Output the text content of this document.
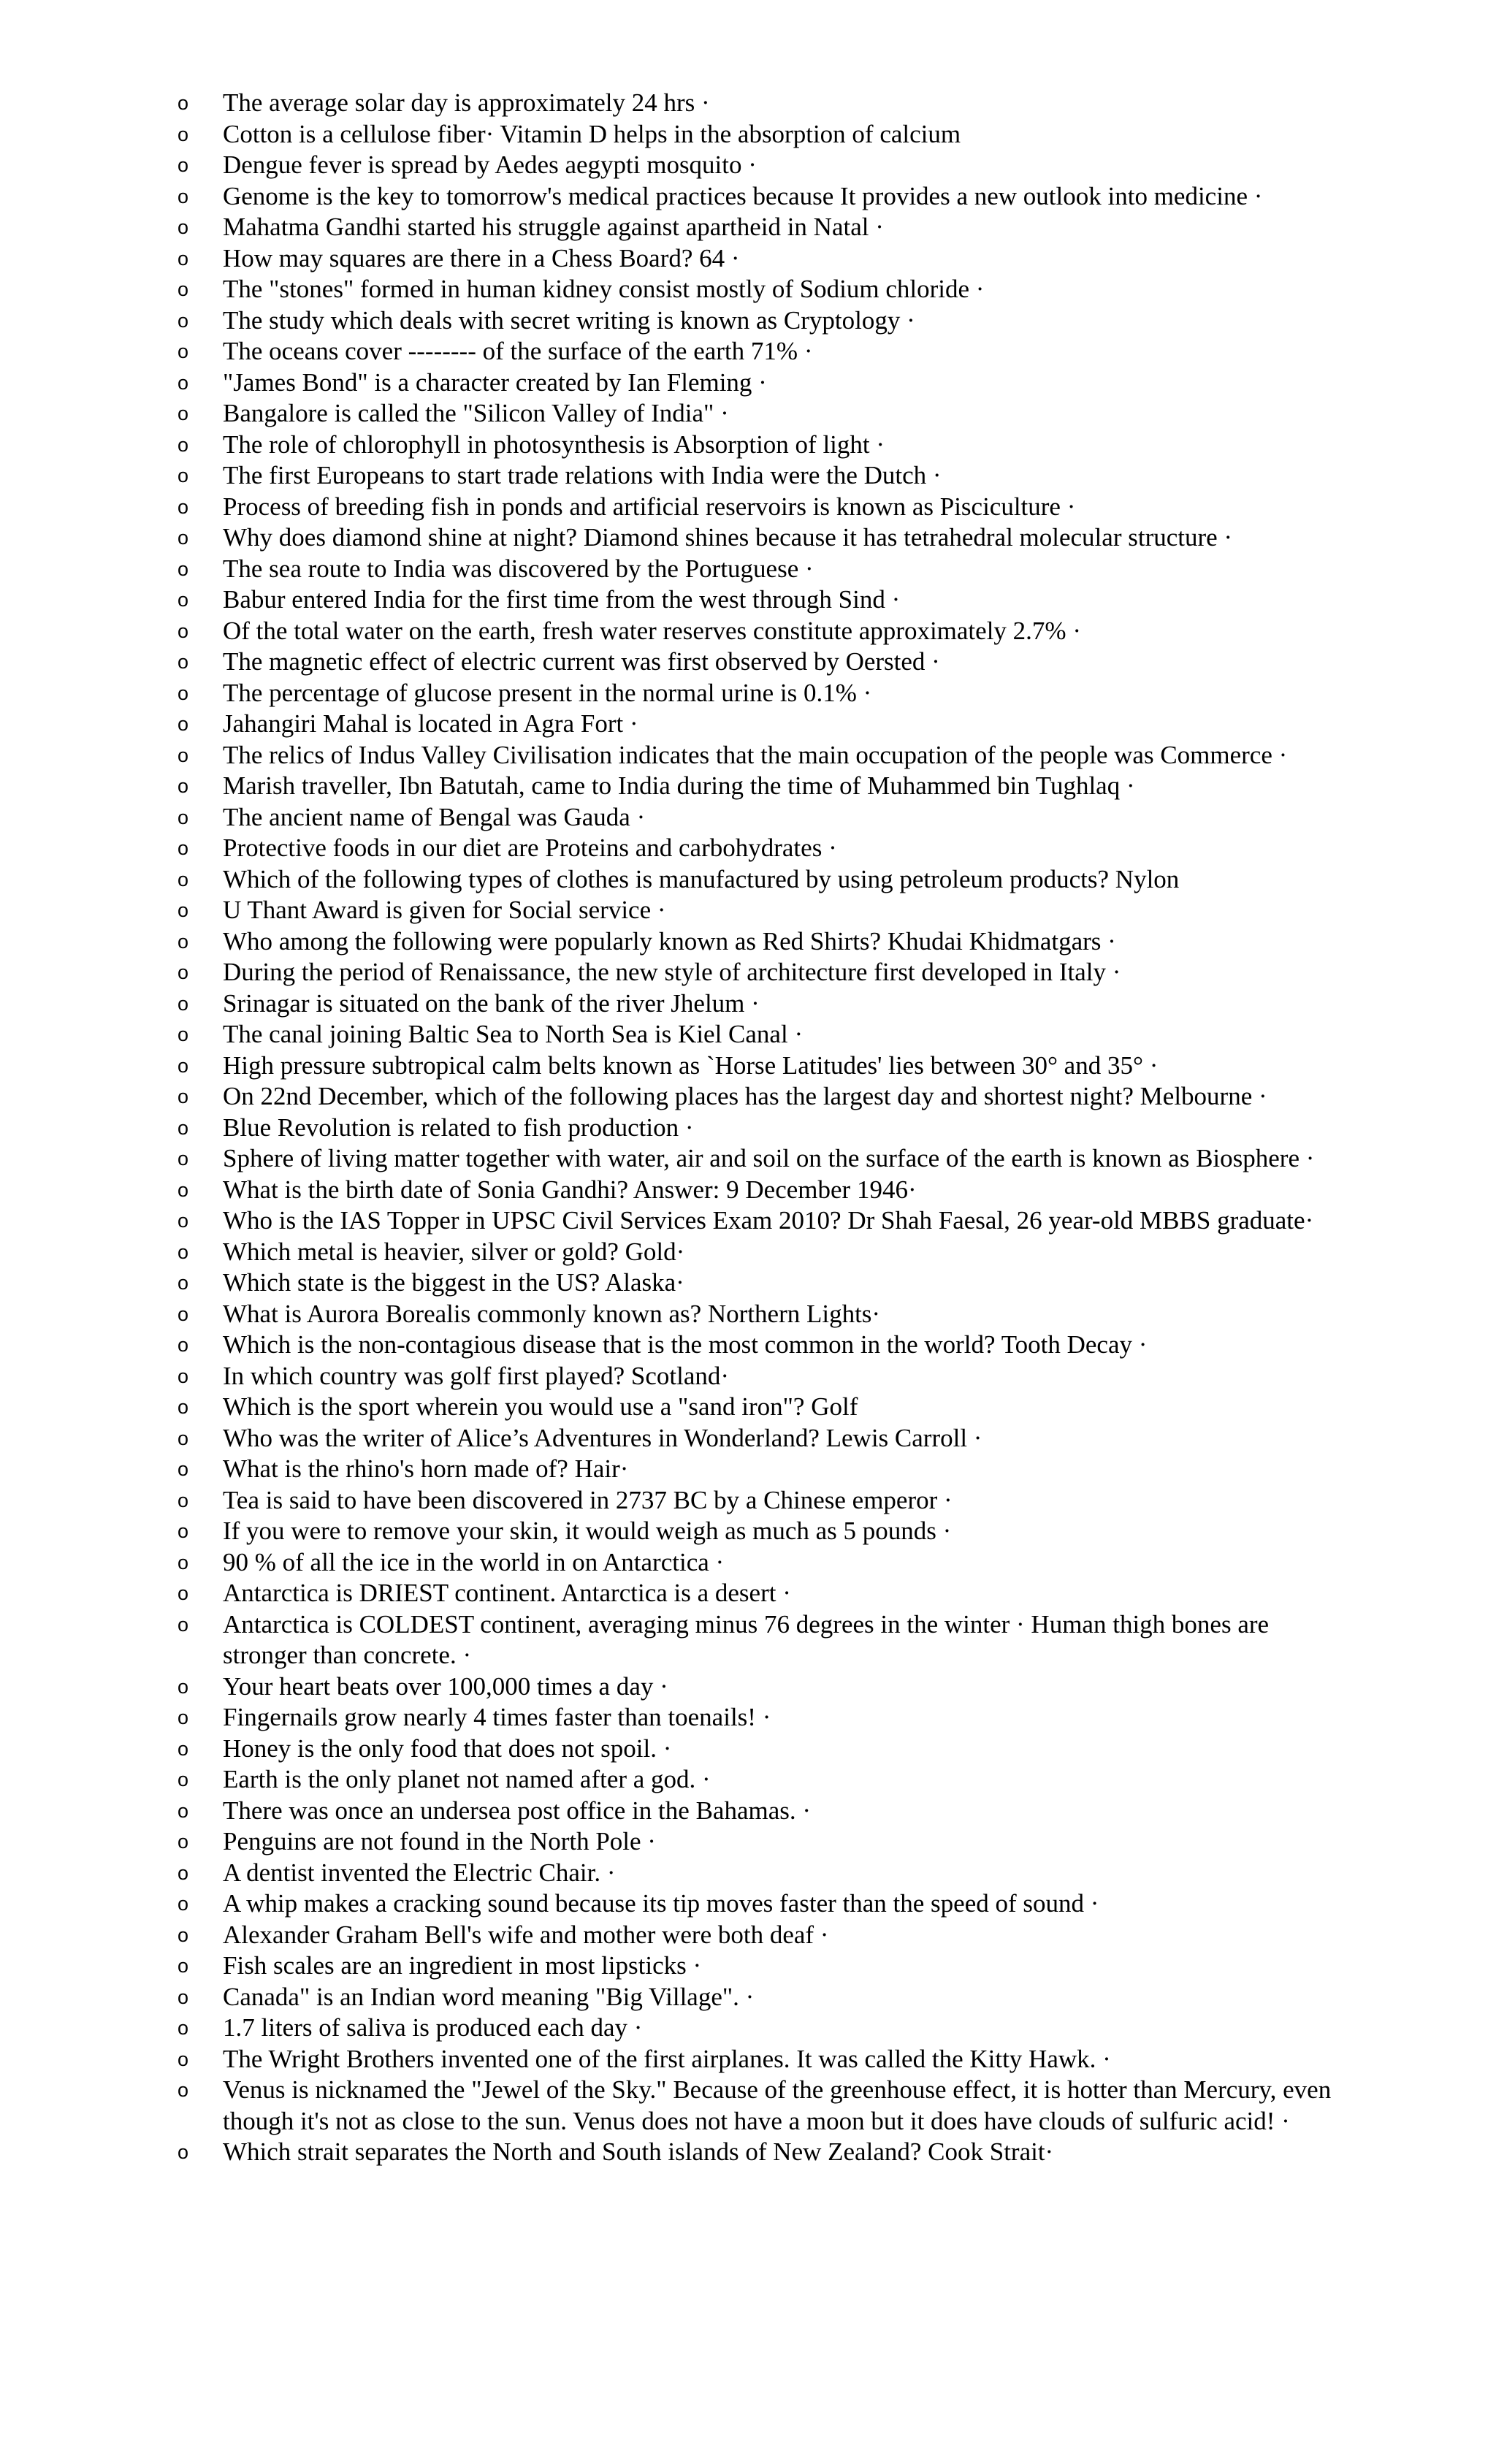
o The average solar day is approximately 24 hrs ·
o Cotton is a cellulose fiber· Vitamin D helps in the absorption of calcium
o Dengue fever is spread by Aedes aegypti mosquito ·
o Genome is the key to tomorrow's medical practices because It provides a new outlook into medicine ·
o Mahatma Gandhi started his struggle against apartheid in Natal ·
o How may squares are there in a Chess Board? 64 ·
o The "stones" formed in human kidney consist mostly of Sodium chloride ·
o The study which deals with secret writing is known as Cryptology ·
o The oceans cover -------- of the surface of the earth 71% ·
o "James Bond" is a character created by Ian Fleming ·
o Bangalore is called the "Silicon Valley of India" ·
o The role of chlorophyll in photosynthesis is Absorption of light ·
o The first Europeans to start trade relations with India were the Dutch ·
o Process of breeding fish in ponds and artificial reservoirs is known as Pisciculture ·
o Why does diamond shine at night? Diamond shines because it has tetrahedral molecular structure ·
o The sea route to India was discovered by the Portuguese ·
o Babur entered India for the first time from the west through Sind ·
o Of the total water on the earth, fresh water reserves constitute approximately 2.7% ·
o The magnetic effect of electric current was first observed by Oersted ·
o The percentage of glucose present in the normal urine is 0.1% ·
o Jahangiri Mahal is located in Agra Fort ·
o The relics of Indus Valley Civilisation indicates that the main occupation of the people was Commerce ·
o Marish traveller, Ibn Batutah, came to India during the time of Muhammed bin Tughlaq ·
o The ancient name of Bengal was Gauda ·
o Protective foods in our diet are Proteins and carbohydrates ·
o Which of the following types of clothes is manufactured by using petroleum products? Nylon
o U Thant Award is given for Social service ·
o Who among the following were popularly known as Red Shirts? Khudai Khidmatgars ·
o During the period of Renaissance, the new style of architecture first developed in Italy ·
o Srinagar is situated on the bank of the river Jhelum ·
o The canal joining Baltic Sea to North Sea is Kiel Canal ·
o High pressure subtropical calm belts known as `Horse Latitudes' lies between 30° and 35° ·
o On 22nd December, which of the following places has the largest day and shortest night? Melbourne ·
o Blue Revolution is related to fish production ·
o Sphere of living matter together with water, air and soil on the surface of the earth is known as Biosphere ·
o What is the birth date of Sonia Gandhi? Answer: 9 December 1946·
o Who is the IAS Topper in UPSC Civil Services Exam 2010? Dr Shah Faesal, 26 year-old MBBS graduate·
o Which metal is heavier, silver or gold? Gold·
o Which state is the biggest in the US? Alaska·
o What is Aurora Borealis commonly known as? Northern Lights·
o Which is the non-contagious disease that is the most common in the world? Tooth Decay ·
o In which country was golf first played? Scotland·
o Which is the sport wherein you would use a "sand iron"? Golf
o Who was the writer of Alice’s Adventures in Wonderland? Lewis Carroll ·
o What is the rhino's horn made of? Hair·
o Tea is said to have been discovered in 2737 BC by a Chinese emperor ·
o If you were to remove your skin, it would weigh as much as 5 pounds ·
o 90 % of all the ice in the world in on Antarctica ·
o Antarctica is DRIEST continent. Antarctica is a desert ·
o Antarctica is COLDEST continent, averaging minus 76 degrees in the winter · Human thigh bones are stronger than concrete. ·
o Your heart beats over 100,000 times a day ·
o Fingernails grow nearly 4 times faster than toenails! ·
o Honey is the only food that does not spoil. ·
o Earth is the only planet not named after a god. ·
o There was once an undersea post office in the Bahamas. ·
o Penguins are not found in the North Pole ·
o A dentist invented the Electric Chair. ·
o A whip makes a cracking sound because its tip moves faster than the speed of sound ·
o Alexander Graham Bell's wife and mother were both deaf ·
o Fish scales are an ingredient in most lipsticks ·
o Canada" is an Indian word meaning "Big Village". ·
o 1.7 liters of saliva is produced each day ·
o The Wright Brothers invented one of the first airplanes. It was called the Kitty Hawk. ·
o Venus is nicknamed the "Jewel of the Sky." Because of the greenhouse effect, it is hotter than Mercury, even though it's not as close to the sun. Venus does not have a moon but it does have clouds of sulfuric acid! ·
o Which strait separates the North and South islands of New Zealand? Cook Strait·
